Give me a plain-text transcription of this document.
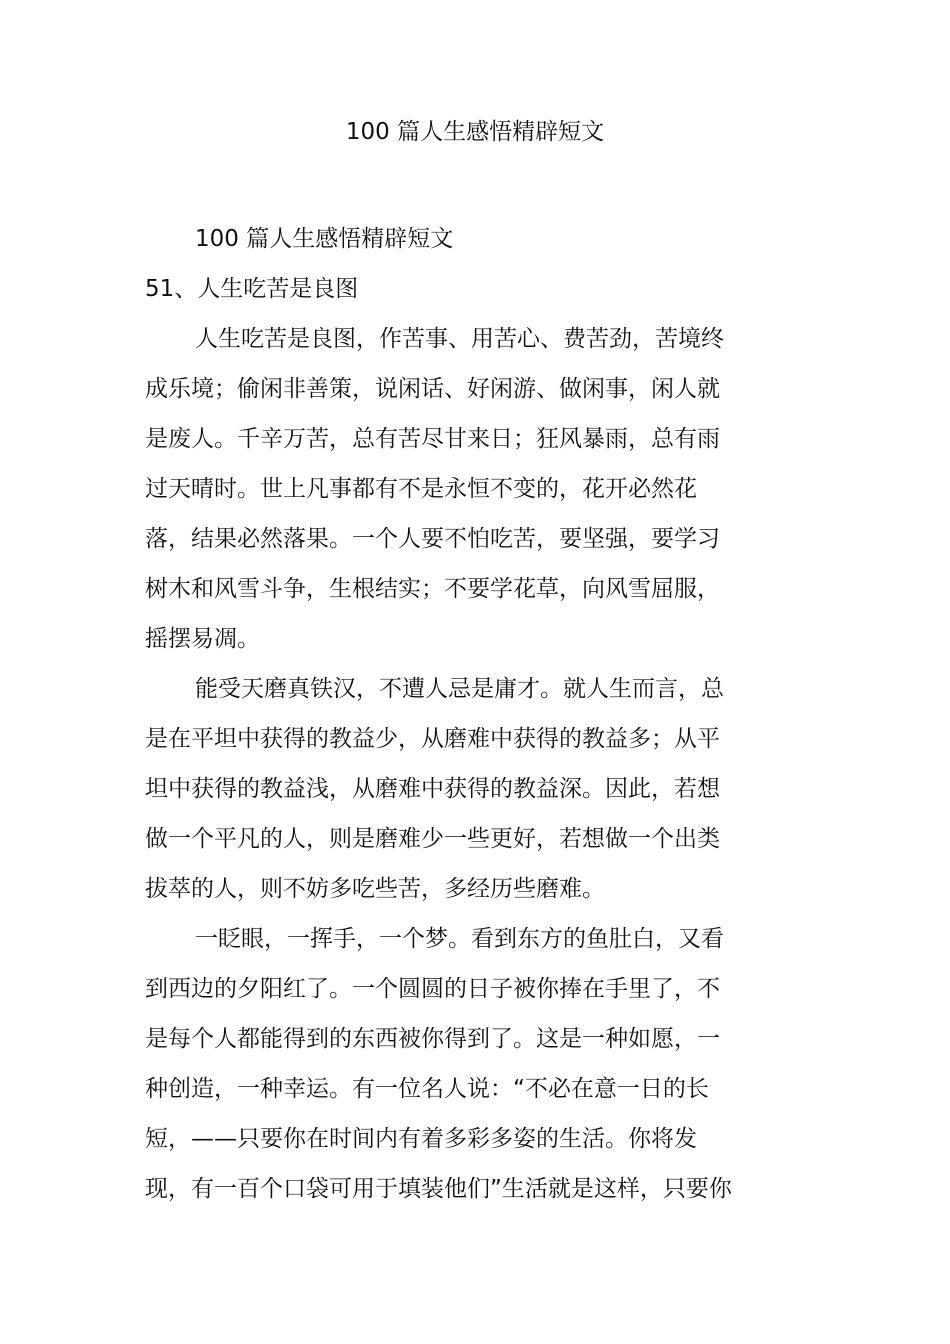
100 篇人生感悟精辟短文

100 篇人生感悟精辟短文

51、人生吃苦是良图

人生吃苦是良图，作苦事、用苦心、费苦劲，苦境终
成乐境；偷闲非善策，说闲话、好闲游、做闲事，闲人就
是废人。千辛万苦，总有苦尽甘来日；狂风暴雨，总有雨
过天晴时。世上凡事都有不是永恒不变的，花开必然花
落，结果必然落果。一个人要不怕吃苦，要坚强，要学习
树木和风雪斗争，生根结实；不要学花草，向风雪屈服，
摇摆易凋。

能受天磨真铁汉，不遭人忌是庸才。就人生而言，总
是在平坦中获得的教益少，从磨难中获得的教益多；从平
坦中获得的教益浅，从磨难中获得的教益深。因此，若想
做一个平凡的人，则是磨难少一些更好，若想做一个出类
拔萃的人，则不妨多吃些苦，多经历些磨难。

一眨眼，一挥手，一个梦。看到东方的鱼肚白，又看
到西边的夕阳红了。一个圆圆的日子被你捧在手里了，不
是每个人都能得到的东西被你得到了。这是一种如愿，一
种创造，一种幸运。有一位名人说：“不必在意一日的长
短，——只要你在时间内有着多彩多姿的生活。你将发
现，有一百个口袋可用于填装他们”生活就是这样，只要你
